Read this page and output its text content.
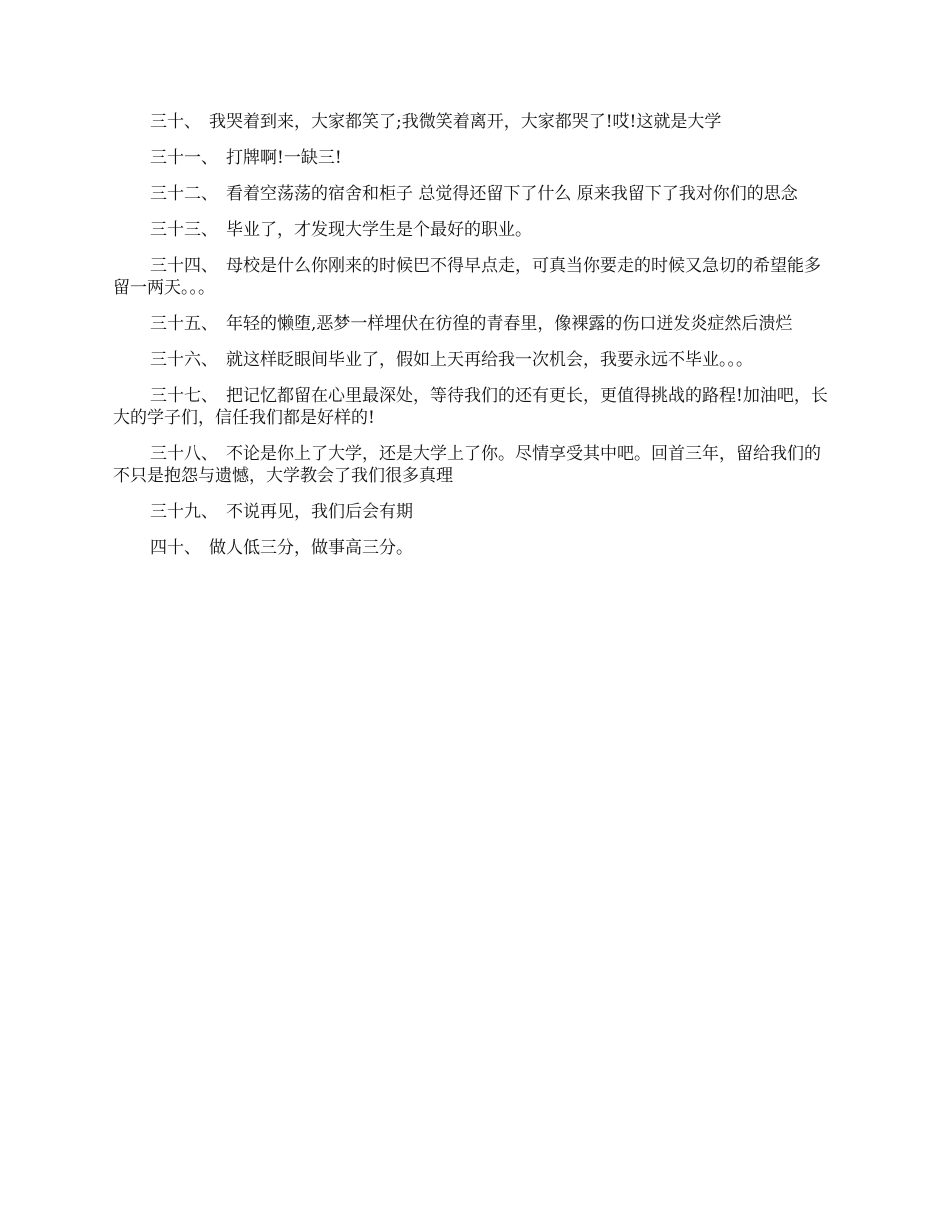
三十、 我哭着到来，大家都笑了;我微笑着离开，大家都哭了!哎!这就是大学

三十一、 打牌啊!一缺三!

三十二、 看着空荡荡的宿舍和柜子 总觉得还留下了什么 原来我留下了我对你们的思念

三十三、 毕业了，才发现大学生是个最好的职业。

三十四、 母校是什么你刚来的时候巴不得早点走，可真当你要走的时候又急切的希望能多留一两天。。。

三十五、 年轻的懒堕,恶梦一样埋伏在彷徨的青春里，像裸露的伤口迸发炎症然后溃烂

三十六、 就这样眨眼间毕业了，假如上天再给我一次机会，我要永远不毕业。。。

三十七、 把记忆都留在心里最深处，等待我们的还有更长，更值得挑战的路程!加油吧，长大的学子们，信任我们都是好样的!

三十八、 不论是你上了大学，还是大学上了你。尽情享受其中吧。回首三年，留给我们的不只是抱怨与遗憾，大学教会了我们很多真理

三十九、 不说再见，我们后会有期

四十、 做人低三分，做事高三分。
